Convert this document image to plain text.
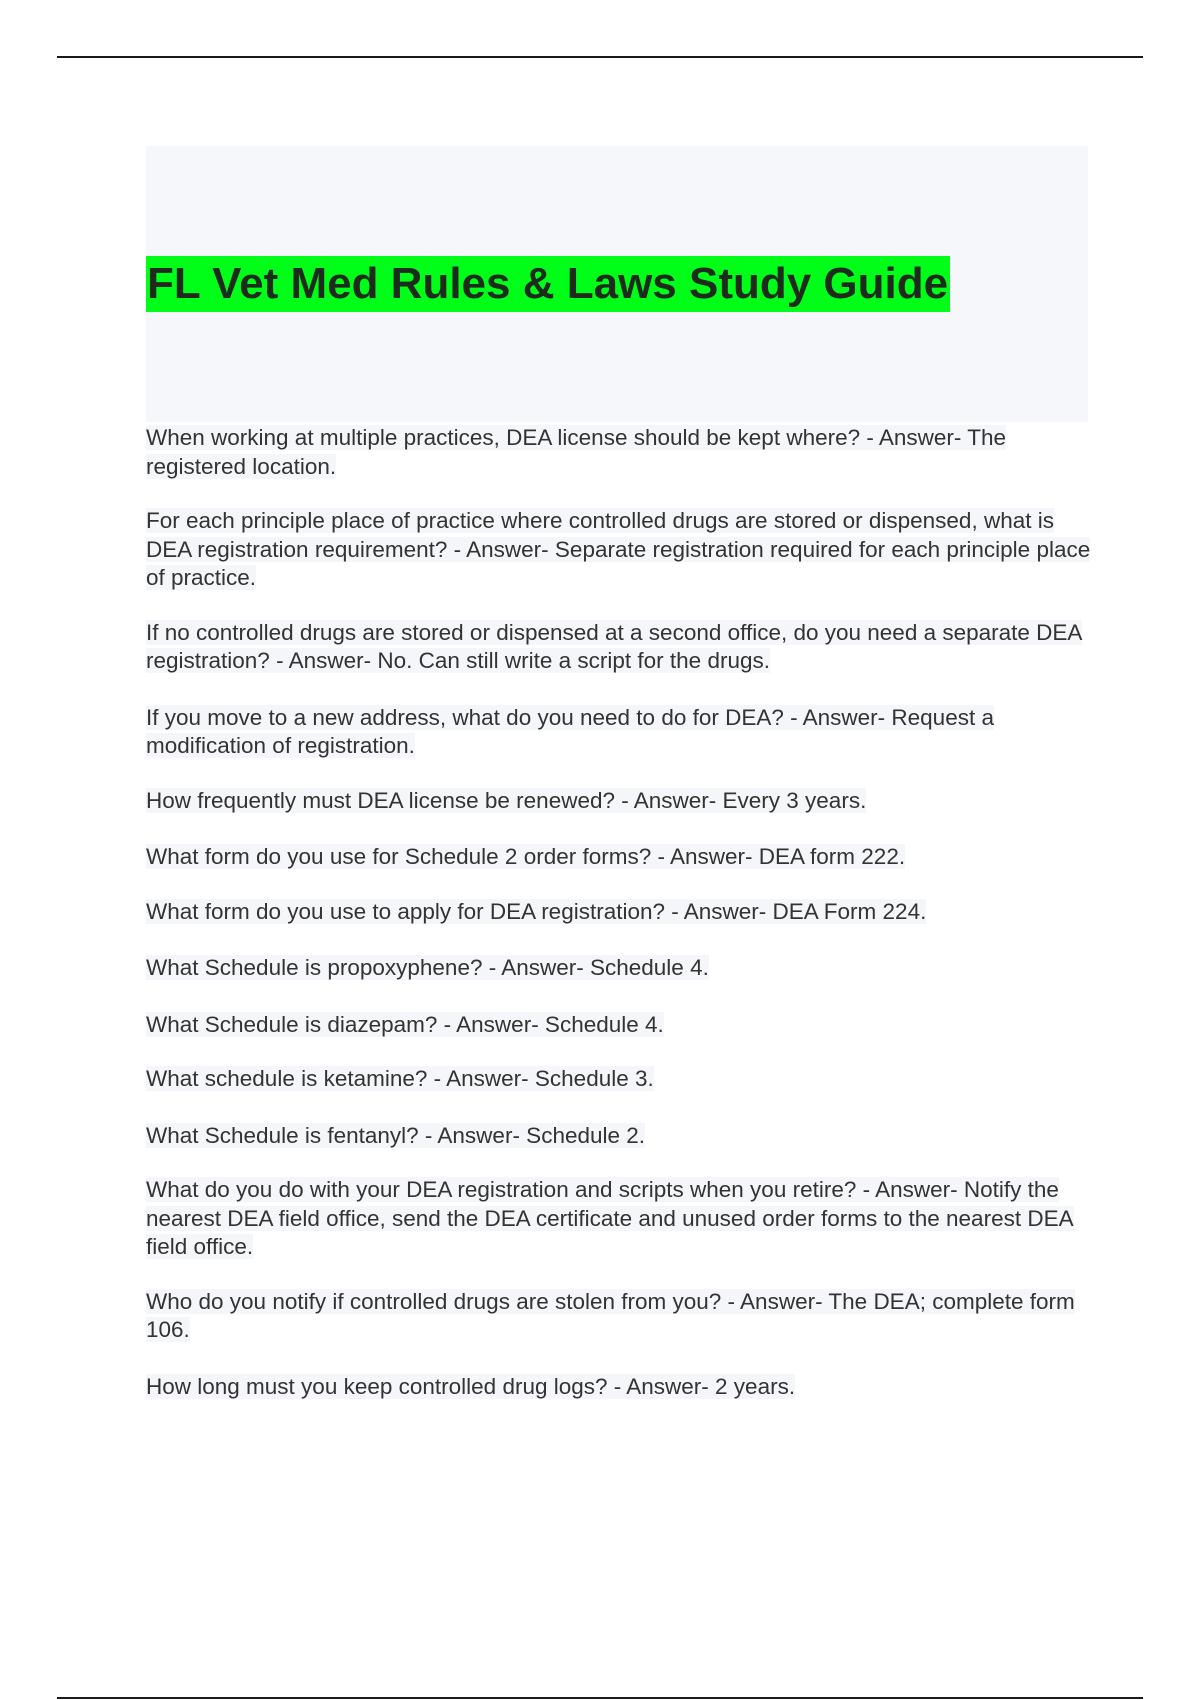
FL Vet Med Rules & Laws Study Guide
When working at multiple practices, DEA license should be kept where? - Answer- The registered location.
For each principle place of practice where controlled drugs are stored or dispensed, what is DEA registration requirement? - Answer- Separate registration required for each principle place of practice.
If no controlled drugs are stored or dispensed at a second office, do you need a separate DEA registration? - Answer- No. Can still write a script for the drugs.
If you move to a new address, what do you need to do for DEA? - Answer- Request a modification of registration.
How frequently must DEA license be renewed? - Answer- Every 3 years.
What form do you use for Schedule 2 order forms? - Answer- DEA form 222.
What form do you use to apply for DEA registration? - Answer- DEA Form 224.
What Schedule is propoxyphene? - Answer- Schedule 4.
What Schedule is diazepam? - Answer- Schedule 4.
What schedule is ketamine? - Answer- Schedule 3.
What Schedule is fentanyl? - Answer- Schedule 2.
What do you do with your DEA registration and scripts when you retire? - Answer- Notify the nearest DEA field office, send the DEA certificate and unused order forms to the nearest DEA field office.
Who do you notify if controlled drugs are stolen from you? - Answer- The DEA; complete form 106.
How long must you keep controlled drug logs? - Answer- 2 years.
